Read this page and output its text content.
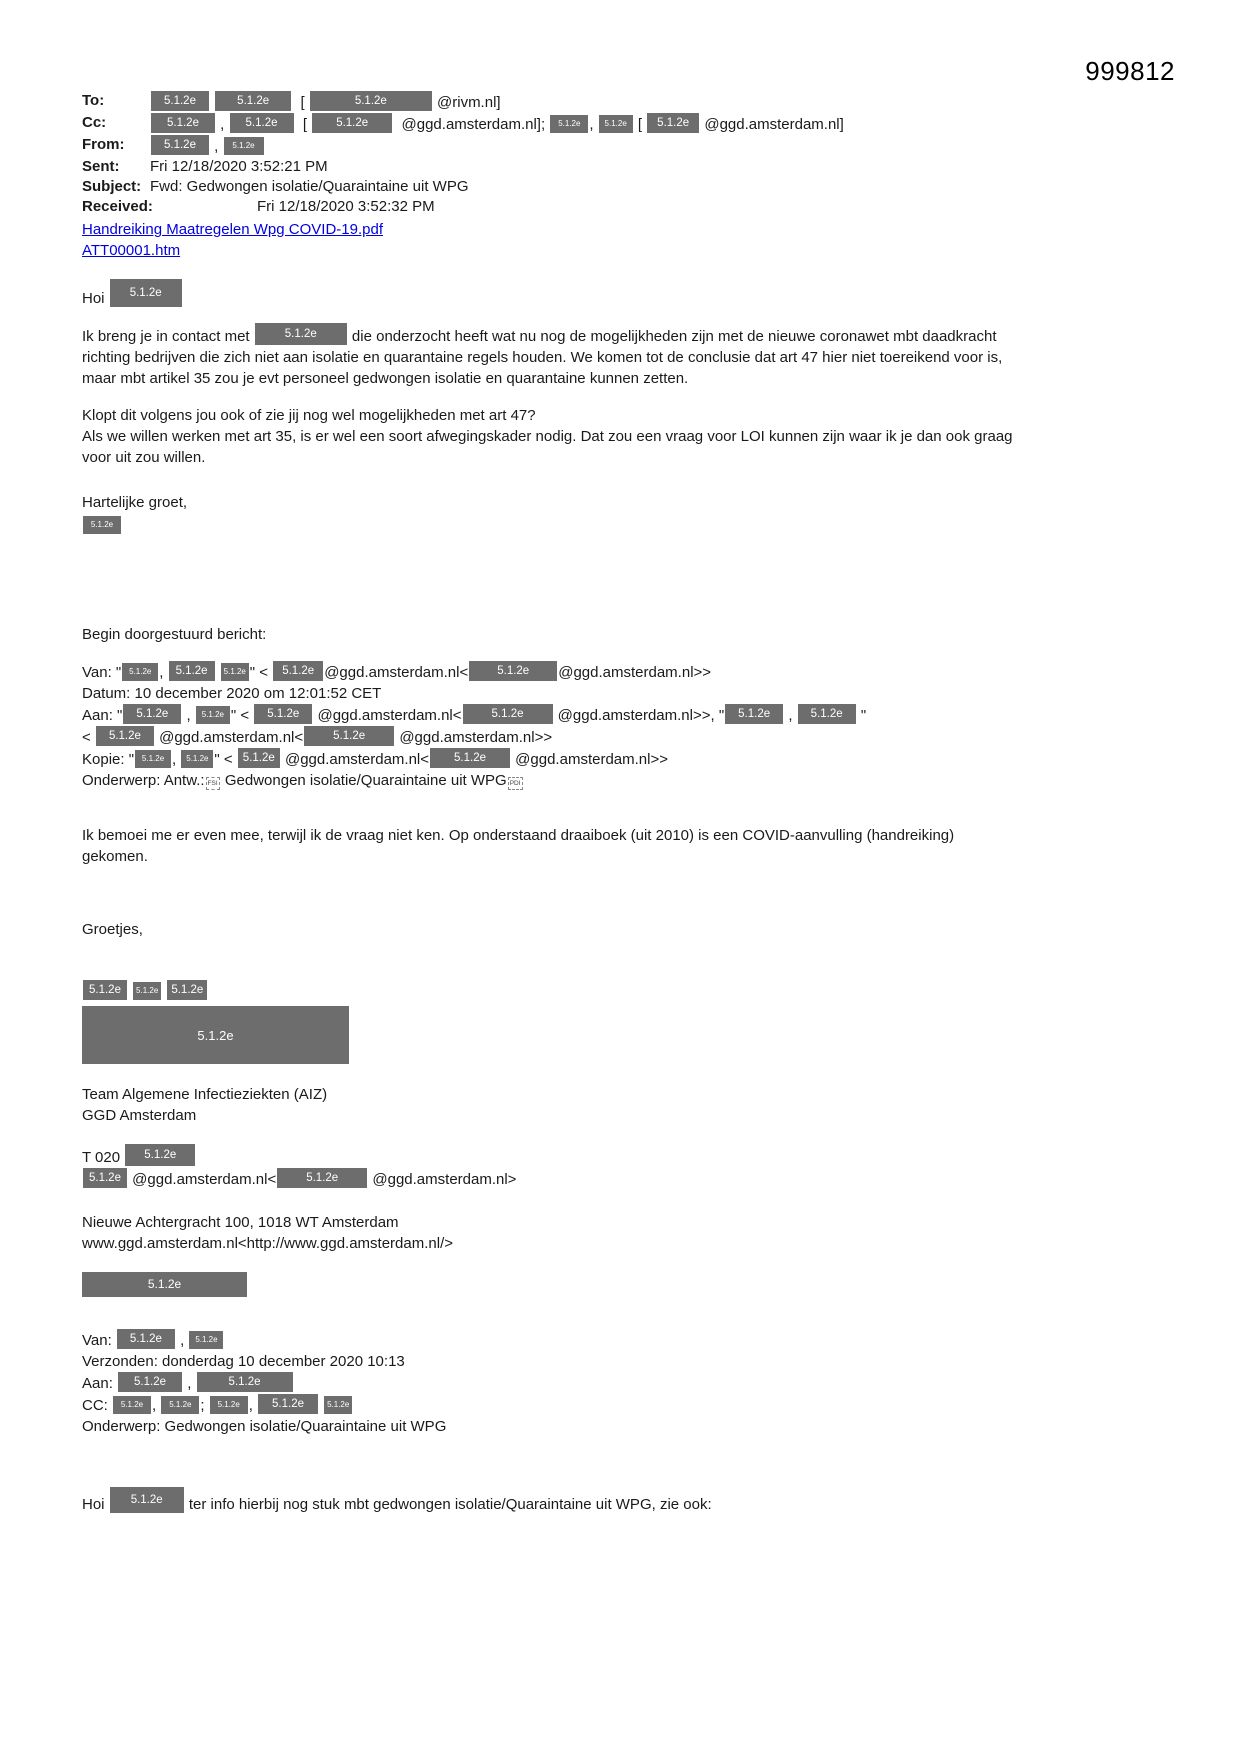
999812
To:	5.1.2e	5.1.2e  [	5.1.2e	@rivm.nl]
Cc:	5.1.2e , 5.1.2e  [ 5.1.2e  @ggd.amsterdam.nl]; 5.1.2e , 5.1.2e [ 5.1.2e @ggd.amsterdam.nl]
From:	5.1.2e , 5.1.2e
Sent:	Fri 12/18/2020 3:52:21 PM
Subject: Fwd: Gedwongen isolatie/Quaraintaine uit WPG
Received:	Fri 12/18/2020 3:52:32 PM
Handreiking Maatregelen Wpg COVID-19.pdf
ATT00001.htm
Hoi 5.1.2e
Ik breng je in contact met	5.1.2e die onderzocht heeft wat nu nog de mogelijkheden zijn met de nieuwe coronawet mbt daadkracht richting bedrijven die zich niet aan isolatie en quarantaine regels houden. We komen tot de conclusie dat art 47 hier niet toereikend voor is, maar mbt artikel 35 zou je evt personeel gedwongen isolatie en quarantaine kunnen zetten.
Klopt dit volgens jou ook of zie jij nog wel mogelijkheden met art 47?
Als we willen werken met art 35, is er wel een soort afwegingskader nodig. Dat zou een vraag voor LOI kunnen zijn waar ik je dan ook graag voor uit zou willen.
Hartelijke groet,
5.1.2e
Begin doorgestuurd bericht:
Van: " 5.1.2e , 5.1.2e 5.1.2e " < 5.1.2e @ggd.amsterdam.nl<	5.1.2e @ggd.amsterdam.nl>>
Datum: 10 december 2020 om 12:01:52 CET
Aan: " 5.1.2e , 5.1.2e " < 5.1.2e @ggd.amsterdam.nl<	5.1.2e @ggd.amsterdam.nl>>, " 5.1.2e , 5.1.2e "
< 5.1.2e @ggd.amsterdam.nl<	5.1.2e @ggd.amsterdam.nl>>
Kopie: " 5.1.2e , 5.1.2e " < 5.1.2e @ggd.amsterdam.nl< 5.1.2e @ggd.amsterdam.nl>>
Onderwerp: Antw.: FSI Gedwongen isolatie/Quaraintaine uit WPG PDI
Ik bemoei me er even mee, terwijl ik de vraag niet ken. Op onderstaand draaiboek (uit 2010) is een COVID-aanvulling (handreiking) gekomen.
Groetjes,
5.1.2e 5.1.2e 5.1.2e
5.1.2e
Team Algemene Infectieziekten (AIZ)
GGD Amsterdam
T 020 5.1.2e
5.1.2e @ggd.amsterdam.nl<	5.1.2e @ggd.amsterdam.nl>
Nieuwe Achtergracht 100, 1018 WT Amsterdam
www.ggd.amsterdam.nl<http://www.ggd.amsterdam.nl/>
5.1.2e
Van: 5.1.2e , 5.1.2e
Verzonden: donderdag 10 december 2020 10:13
Aan: 5.1.2e ,	5.1.2e
CC: 5.1.2e , 5.1.2e ; 5.1.2e , 5.1.2e	5.1.2e
Onderwerp: Gedwongen isolatie/Quaraintaine uit WPG
Hoi 5.1.2e ter info hierbij nog stuk mbt gedwongen isolatie/Quaraintaine uit WPG, zie ook:
